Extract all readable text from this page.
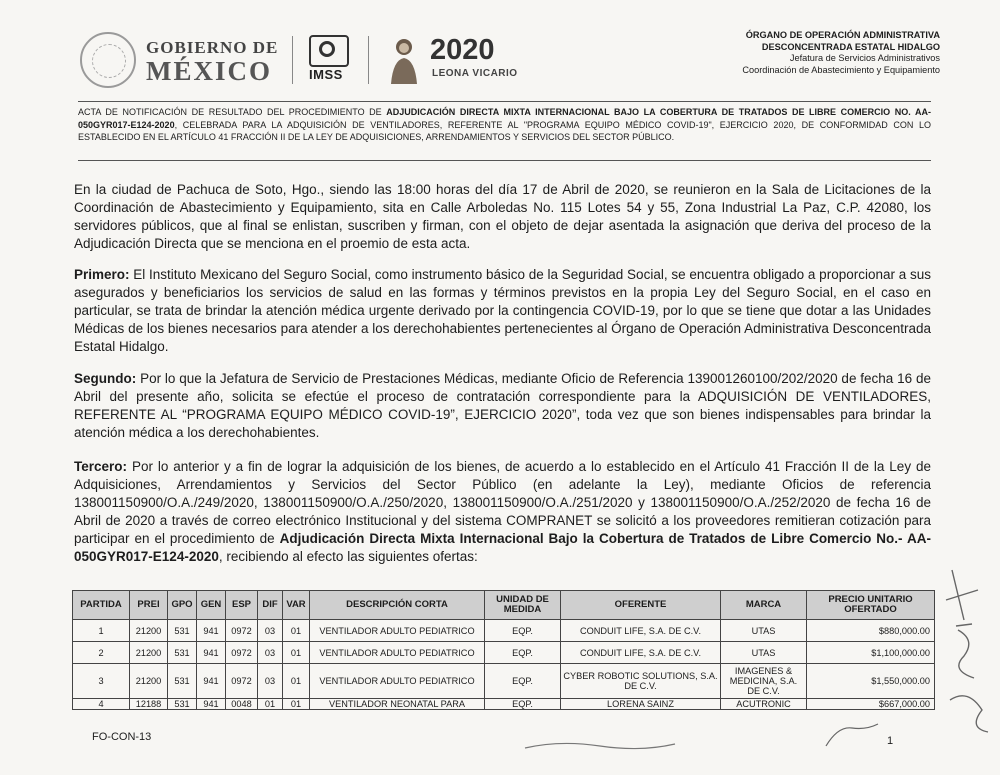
GOBIERNO DE
MÉXICO	IMSS
2020
LEONA VICARIO
ÓRGANO DE OPERACIÓN ADMINISTRATIVA
DESCONCENTRADA ESTATAL HIDALGO
Jefatura de Servicios Administrativos
Coordinación de Abastecimiento y Equipamiento
ACTA DE NOTIFICACIÓN DE RESULTADO DEL PROCEDIMIENTO DE ADJUDICACIÓN DIRECTA MIXTA INTERNACIONAL BAJO LA COBERTURA DE TRATADOS DE LIBRE COMERCIO NO. AA-050GYR017-E124-2020, CELEBRADA PARA LA ADQUISICIÓN DE VENTILADORES, REFERENTE AL "PROGRAMA EQUIPO MÉDICO COVID-19", EJERCICIO 2020, DE CONFORMIDAD CON LO ESTABLECIDO EN EL ARTÍCULO 41 FRACCIÓN II DE LA LEY DE ADQUISICIONES, ARRENDAMIENTOS Y SERVICIOS DEL SECTOR PÚBLICO.
En la ciudad de Pachuca de Soto, Hgo., siendo las 18:00 horas del día 17 de Abril de 2020, se reunieron en la Sala de Licitaciones de la Coordinación de Abastecimiento y Equipamiento, sita en Calle Arboledas No. 115 Lotes 54 y 55, Zona Industrial La Paz, C.P. 42080, los servidores públicos, que al final se enlistan, suscriben y firman, con el objeto de dejar asentada la asignación que deriva del proceso de la Adjudicación Directa que se menciona en el proemio de esta acta.
Primero: El Instituto Mexicano del Seguro Social, como instrumento básico de la Seguridad Social, se encuentra obligado a proporcionar a sus asegurados y beneficiarios los servicios de salud en las formas y términos previstos en la propia Ley del Seguro Social, en el caso en particular, se trata de brindar la atención médica urgente derivado por la contingencia COVID-19, por lo que se tiene que dotar a las Unidades Médicas de los bienes necesarios para atender a los derechohabientes pertenecientes al Órgano de Operación Administrativa Desconcentrada Estatal Hidalgo.
Segundo: Por lo que la Jefatura de Servicio de Prestaciones Médicas, mediante Oficio de Referencia 139001260100/202/2020 de fecha 16 de Abril del presente año, solicita se efectúe el proceso de contratación correspondiente para la ADQUISICIÓN DE VENTILADORES, REFERENTE AL “PROGRAMA EQUIPO MÉDICO COVID-19”, EJERCICIO 2020”, toda vez que son bienes indispensables para brindar la atención médica a los derechohabientes.
Tercero: Por lo anterior y a fin de lograr la adquisición de los bienes, de acuerdo a lo establecido en el Artículo 41 Fracción II de la Ley de Adquisiciones, Arrendamientos y Servicios del Sector Público (en adelante la Ley), mediante Oficios de referencia 138001150900/O.A./249/2020, 138001150900/O.A./250/2020, 138001150900/O.A./251/2020 y 138001150900/O.A./252/2020 de fecha 16 de Abril de 2020 a través de correo electrónico Institucional y del sistema COMPRANET se solicitó a los proveedores remitieran cotización para participar en el procedimiento de Adjudicación Directa Mixta Internacional Bajo la Cobertura de Tratados de Libre Comercio No.- AA-050GYR017-E124-2020, recibiendo al efecto las siguientes ofertas:
PARTIDA	PREI	GPO	GEN	ESP	DIF	VAR	DESCRIPCIÓN CORTA	UNIDAD DE MEDIDA	OFERENTE	MARCA	PRECIO UNITARIO OFERTADO
1	21200	531	941	0972	03	01	VENTILADOR ADULTO PEDIATRICO	EQP.	CONDUIT LIFE, S.A. DE C.V.	UTAS	$880,000.00
2	21200	531	941	0972	03	01	VENTILADOR ADULTO PEDIATRICO	EQP.	CONDUIT LIFE, S.A. DE C.V.	UTAS	$1,100,000.00
3	21200	531	941	0972	03	01	VENTILADOR ADULTO PEDIATRICO	EQP.	CYBER ROBOTIC SOLUTIONS, S.A. DE C.V.	IMAGENES & MEDICINA, S.A. DE C.V.	$1,550,000.00
4	12188	531	941	0048	01	01	VENTILADOR NEONATAL PARA	EQP.	LORENA SAINZ	ACUTRONIC	$667,000.00
FO-CON-13	1
